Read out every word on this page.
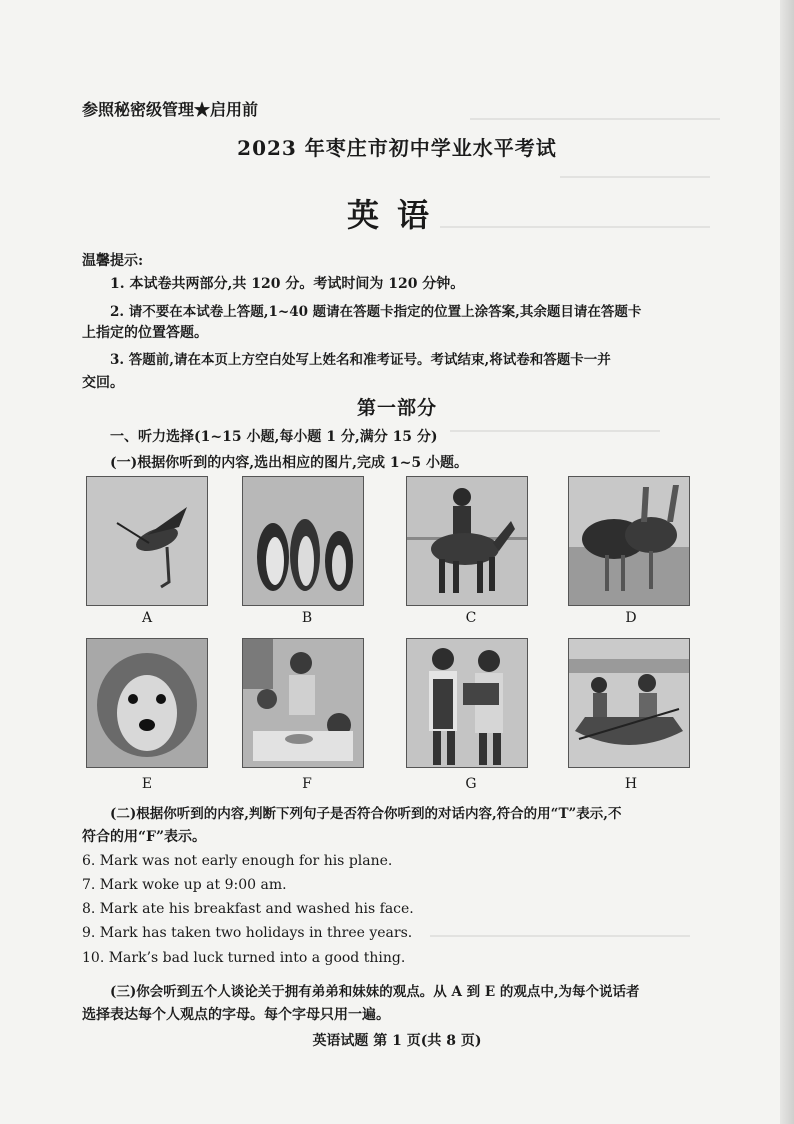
参照秘密级管理★启用前
2023 年枣庄市初中学业水平考试
英语
温馨提示:
1. 本试卷共两部分,共 120 分。考试时间为 120 分钟。
2. 请不要在本试卷上答题,1~40 题请在答题卡指定的位置上涂答案,其余题目请在答题卡
上指定的位置答题。
3. 答题前,请在本页上方空白处写上姓名和准考证号。考试结束,将试卷和答题卡一并
交回。
第一部分
一、听力选择(1~15 小题,每小题 1 分,满分 15 分)
(一)根据你听到的内容,选出相应的图片,完成 1~5 小题。
A	B	C	D
E	F	G	H
(二)根据你听到的内容,判断下列句子是否符合你听到的对话内容,符合的用“T”表示,不
符合的用“F”表示。
6. Mark was not early enough for his plane.
7. Mark woke up at 9:00 am.
8. Mark ate his breakfast and washed his face.
9. Mark has taken two holidays in three years.
10. Mark’s bad luck turned into a good thing.
(三)你会听到五个人谈论关于拥有弟弟和妹妹的观点。从 A 到 E 的观点中,为每个说话者
选择表达每个人观点的字母。每个字母只用一遍。
英语试题 第 1 页(共 8 页)
